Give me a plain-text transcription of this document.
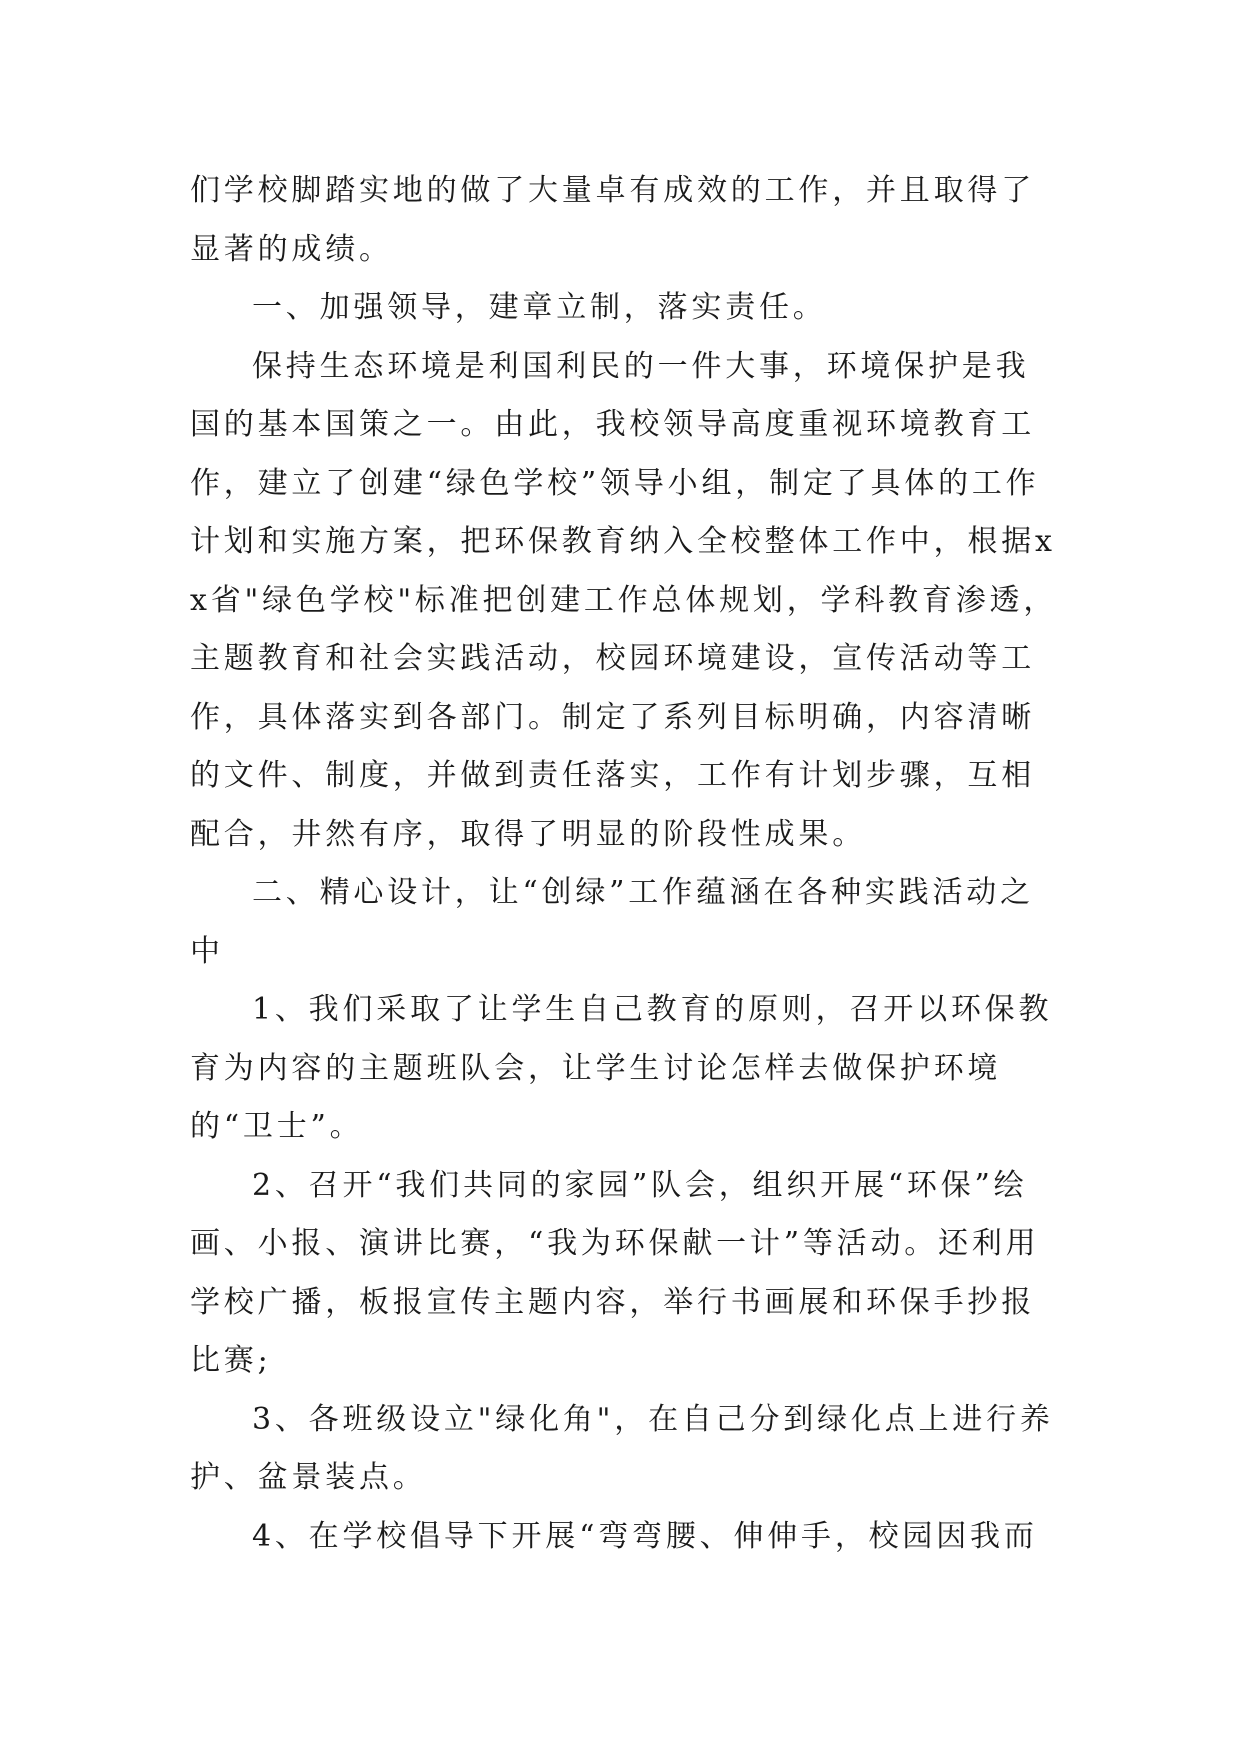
们学校脚踏实地的做了大量卓有成效的工作，并且取得了显著的成绩。

一、加强领导，建章立制，落实责任。

保持生态环境是利国利民的一件大事，环境保护是我国的基本国策之一。由此，我校领导高度重视环境教育工作，建立了创建“绿色学校”领导小组，制定了具体的工作计划和实施方案，把环保教育纳入全校整体工作中，根据xx省"绿色学校"标准把创建工作总体规划，学科教育渗透，主题教育和社会实践活动，校园环境建设，宣传活动等工作，具体落实到各部门。制定了系列目标明确，内容清晰的文件、制度，并做到责任落实，工作有计划步骤，互相配合，井然有序，取得了明显的阶段性成果。

二、精心设计，让“创绿”工作蕴涵在各种实践活动之中

1、我们采取了让学生自己教育的原则，召开以环保教育为内容的主题班队会，让学生讨论怎样去做保护环境的“卫士”。

2、召开“我们共同的家园”队会，组织开展“环保”绘画、小报、演讲比赛，“我为环保献一计”等活动。还利用学校广播，板报宣传主题内容，举行书画展和环保手抄报比赛;

3、各班级设立"绿化角"，在自己分到绿化点上进行养护、盆景装点。

4、在学校倡导下开展“弯弯腰、伸伸手，校园因我而
